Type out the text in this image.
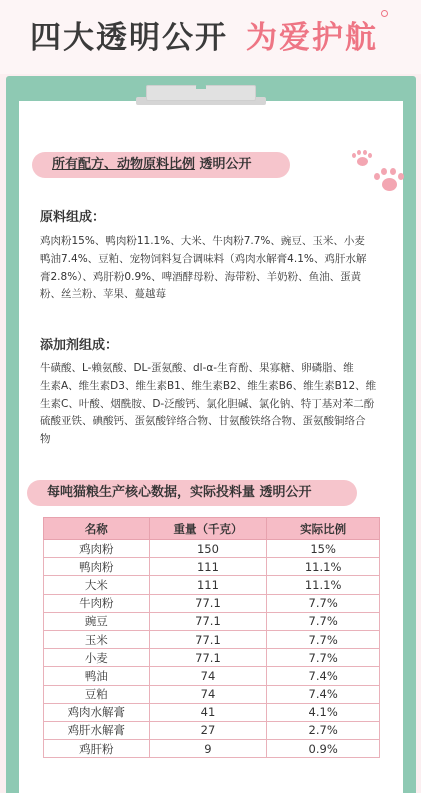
四大透明公开 为爱护航
所有配方、动物原料比例 透明公开
原料组成：
鸡肉粉15%、鸭肉粉11.1%、大米、牛肉粉7.7%、豌豆、玉米、小麦
鸭油7.4%、豆粕、宠物饲料复合调味料（鸡肉水解膏4.1%、鸡肝水解
膏2.8%）、鸡肝粉0.9%、啤酒酵母粉、海带粉、羊奶粉、鱼油、蛋黄
粉、丝兰粉、苹果、蔓越莓
添加剂组成：
牛磺酸、L-赖氨酸、DL-蛋氨酸、dl-α-生育酚、果寡糖、卵磷脂、维
生素A、维生素D3、维生素B1、维生素B2、维生素B6、维生素B12、维
生素C、叶酸、烟酰胺、D-泛酸钙、氯化胆碱、氯化钠、特丁基对苯二酚
硫酸亚铁、碘酸钙、蛋氨酸锌络合物、甘氨酸铁络合物、蛋氨酸铜络合
物
每吨猫粮生产核心数据，实际投料量 透明公开
名称	重量（千克）	实际比例
鸡肉粉	150	15%
鸭肉粉	111	11.1%
大米	111	11.1%
牛肉粉	77.1	7.7%
豌豆	77.1	7.7%
玉米	77.1	7.7%
小麦	77.1	7.7%
鸭油	74	7.4%
豆粕	74	7.4%
鸡肉水解膏	41	4.1%
鸡肝水解膏	27	2.7%
鸡肝粉	9	0.9%
